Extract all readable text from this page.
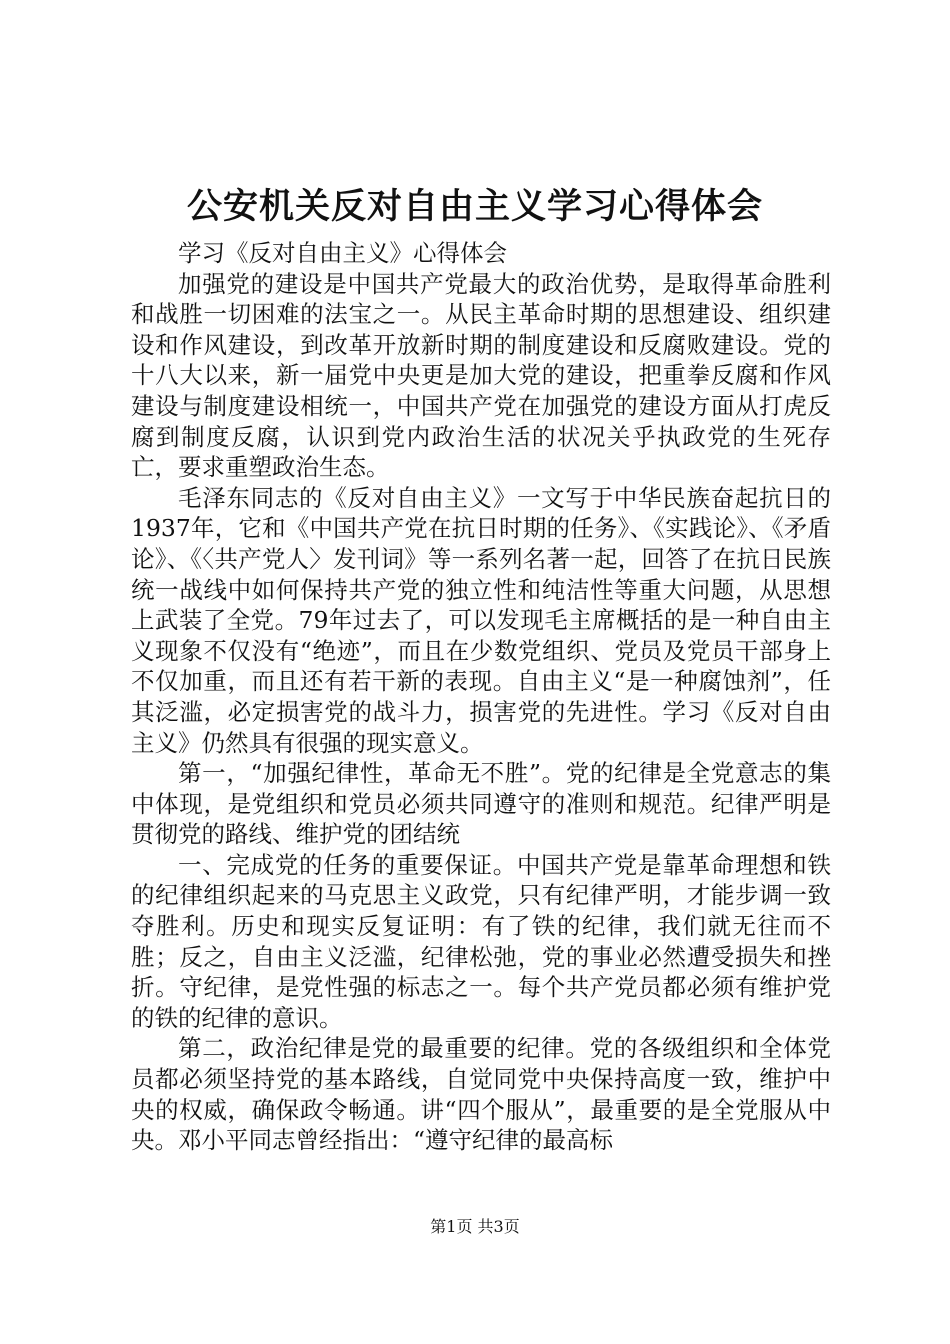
公安机关反对自由主义学习心得体会

学习《反对自由主义》心得体会

加强党的建设是中国共产党最大的政治优势，是取得革命胜利和战胜一切困难的法宝之一。从民主革命时期的思想建设、组织建设和作风建设，到改革开放新时期的制度建设和反腐败建设。党的十八大以来，新一届党中央更是加大党的建设，把重拳反腐和作风建设与制度建设相统一，中国共产党在加强党的建设方面从打虎反腐到制度反腐，认识到党内政治生活的状况关乎执政党的生死存亡，要求重塑政治生态。

毛泽东同志的《反对自由主义》一文写于中华民族奋起抗日的1937年，它和《中国共产党在抗日时期的任务》、《实践论》、《矛盾论》、《〈共产党人〉发刊词》等一系列名著一起，回答了在抗日民族统一战线中如何保持共产党的独立性和纯洁性等重大问题，从思想上武装了全党。79年过去了，可以发现毛主席概括的是一种自由主义现象不仅没有“绝迹”，而且在少数党组织、党员及党员干部身上不仅加重，而且还有若干新的表现。自由主义“是一种腐蚀剂”，任其泛滥，必定损害党的战斗力，损害党的先进性。学习《反对自由主义》仍然具有很强的现实意义。

第一，“加强纪律性，革命无不胜”。党的纪律是全党意志的集中体现，是党组织和党员必须共同遵守的准则和规范。纪律严明是贯彻党的路线、维护党的团结统

一、完成党的任务的重要保证。中国共产党是靠革命理想和铁的纪律组织起来的马克思主义政党，只有纪律严明，才能步调一致夺胜利。历史和现实反复证明：有了铁的纪律，我们就无往而不胜；反之，自由主义泛滥，纪律松弛，党的事业必然遭受损失和挫折。守纪律，是党性强的标志之一。每个共产党员都必须有维护党的铁的纪律的意识。

第二，政治纪律是党的最重要的纪律。党的各级组织和全体党员都必须坚持党的基本路线，自觉同党中央保持高度一致，维护中央的权威，确保政令畅通。讲“四个服从”，最重要的是全党服从中央。邓小平同志曾经指出：“遵守纪律的最高标

第1页 共3页
